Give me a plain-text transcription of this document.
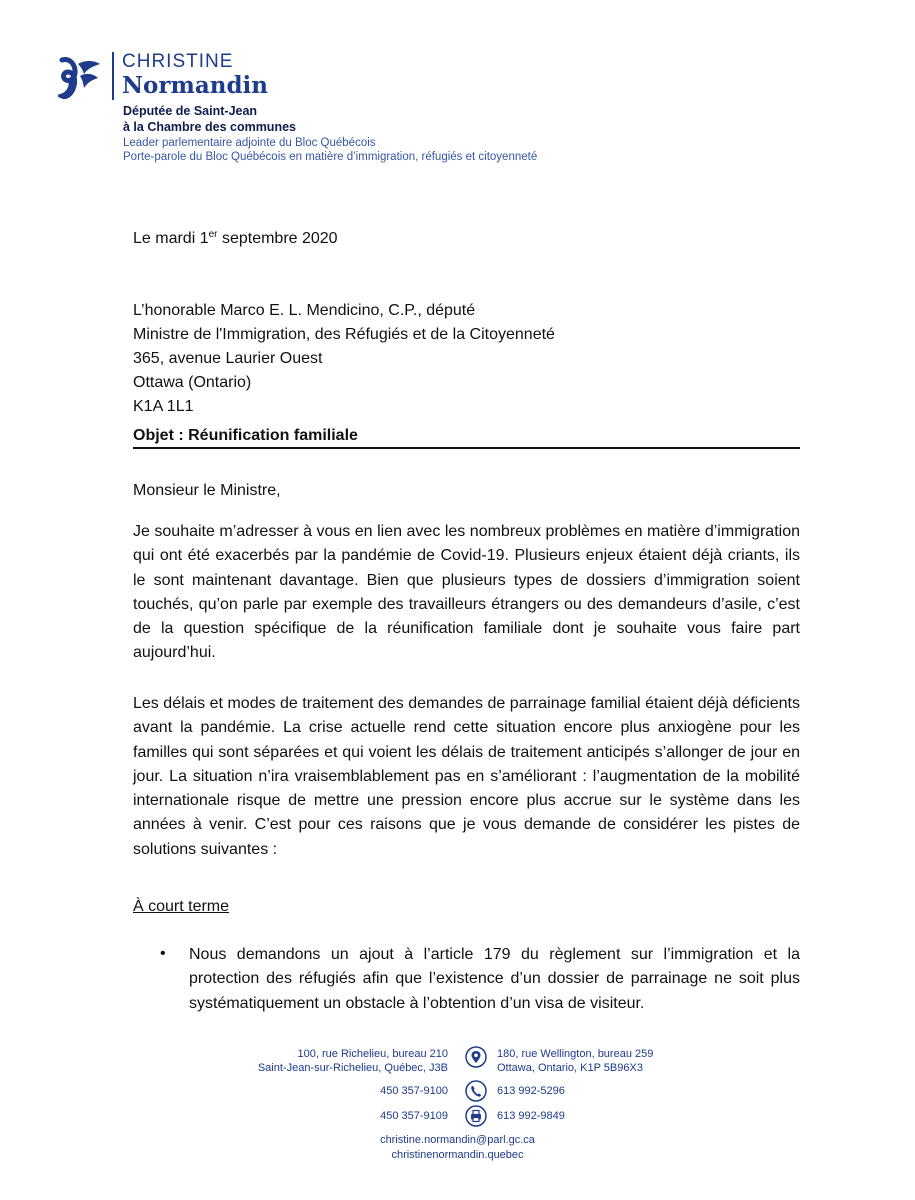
CHRISTINE
Normandin
Députée de Saint-Jean
à la Chambre des communes
Leader parlementaire adjointe du Bloc Québécois
Porte-parole du Bloc Québécois en matière d’immigration, réfugiés et citoyenneté
Le mardi 1er septembre 2020
L’honorable Marco E. L. Mendicino, C.P., député
Ministre de l'Immigration, des Réfugiés et de la Citoyenneté
365, avenue Laurier Ouest
Ottawa (Ontario)
K1A 1L1
Objet : Réunification familiale
Monsieur le Ministre,
Je souhaite m’adresser à vous en lien avec les nombreux problèmes en matière d’immigration qui ont été exacerbés par la pandémie de Covid-19. Plusieurs enjeux étaient déjà criants, ils le sont maintenant davantage. Bien que plusieurs types de dossiers d’immigration soient touchés, qu’on parle par exemple des travailleurs étrangers ou des demandeurs d’asile, c’est de la question spécifique de la réunification familiale dont je souhaite vous faire part aujourd’hui.
Les délais et modes de traitement des demandes de parrainage familial étaient déjà déficients avant la pandémie. La crise actuelle rend cette situation encore plus anxiogène pour les familles qui sont séparées et qui voient les délais de traitement anticipés s’allonger de jour en jour. La situation n’ira vraisemblablement pas en s’améliorant : l’augmentation de la mobilité internationale risque de mettre une pression encore plus accrue sur le système dans les années à venir. C’est pour ces raisons que je vous demande de considérer les pistes de solutions suivantes :
À court terme
• Nous demandons un ajout à l’article 179 du règlement sur l’immigration et la protection des réfugiés afin que l’existence d’un dossier de parrainage ne soit plus systématiquement un obstacle à l’obtention d’un visa de visiteur.
100, rue Richelieu, bureau 210
Saint-Jean-sur-Richelieu, Québec, J3B
180, rue Wellington, bureau 259
Ottawa, Ontario, K1P 5B96X3
450 357-9100	613 992-5296
450 357-9109	613 992-9849
christine.normandin@parl.gc.ca
christinenormandin.quebec
